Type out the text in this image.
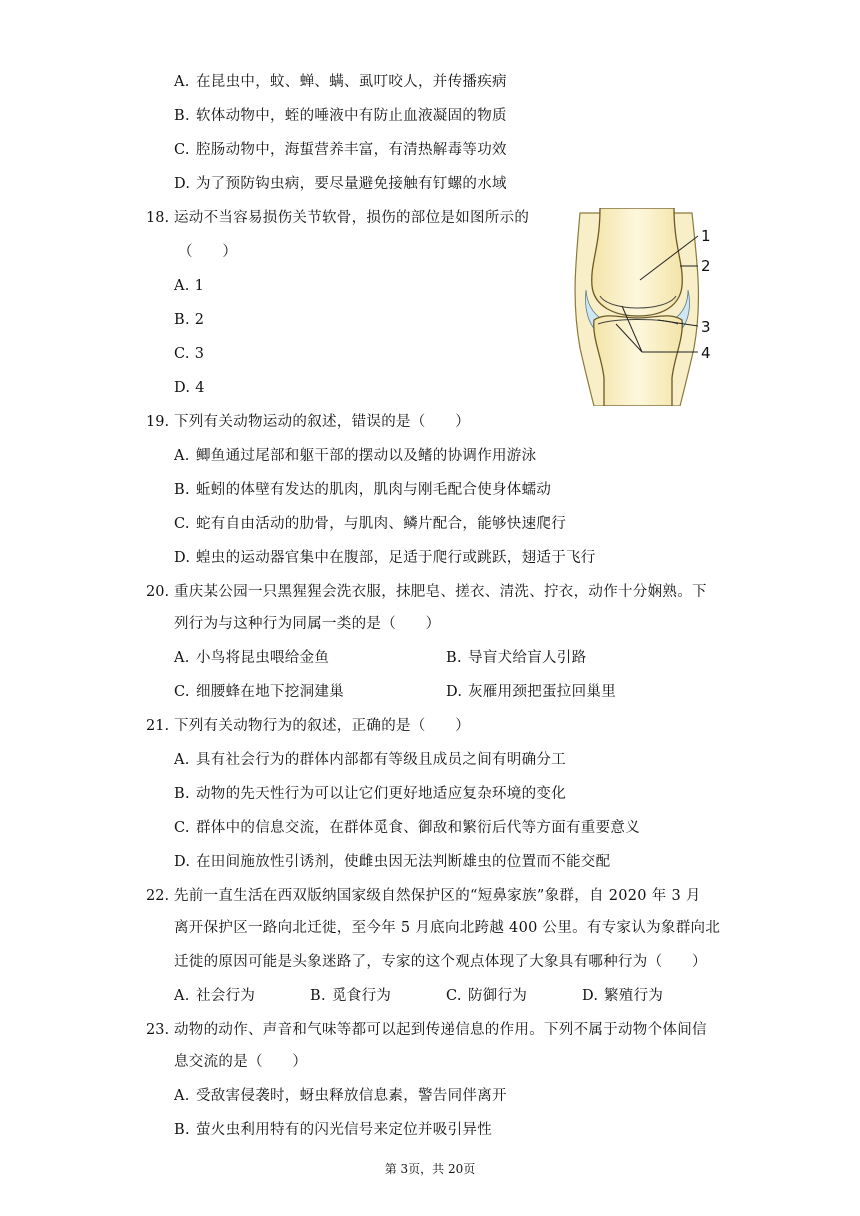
A. 在昆虫中，蚊、蝉、螨、虱叮咬人，并传播疾病
B. 软体动物中，蛭的唾液中有防止血液凝固的物质
C. 腔肠动物中，海蜇营养丰富，有清热解毒等功效
D. 为了预防钩虫病，要尽量避免接触有钉螺的水域
18. 运动不当容易损伤关节软骨，损伤的部位是如图所示的
（　　）
A. 1
B. 2
C. 3
D. 4
1
2
3
4
19. 下列有关动物运动的叙述，错误的是（　　）
A. 鲫鱼通过尾部和躯干部的摆动以及鳍的协调作用游泳
B. 蚯蚓的体壁有发达的肌肉，肌肉与刚毛配合使身体蠕动
C. 蛇有自由活动的肋骨，与肌肉、鳞片配合，能够快速爬行
D. 蝗虫的运动器官集中在腹部，足适于爬行或跳跃，翅适于飞行
20. 重庆某公园一只黑猩猩会洗衣服，抹肥皂、搓衣、清洗、拧衣，动作十分娴熟。下
列行为与这种行为同属一类的是（　　）
A. 小鸟将昆虫喂给金鱼	B. 导盲犬给盲人引路
C. 细腰蜂在地下挖洞建巢	D. 灰雁用颈把蛋拉回巢里
21. 下列有关动物行为的叙述，正确的是（　　）
A. 具有社会行为的群体内部都有等级且成员之间有明确分工
B. 动物的先天性行为可以让它们更好地适应复杂环境的变化
C. 群体中的信息交流，在群体觅食、御敌和繁衍后代等方面有重要意义
D. 在田间施放性引诱剂，使雌虫因无法判断雄虫的位置而不能交配
22. 先前一直生活在西双版纳国家级自然保护区的“短鼻家族”象群，自 2020 年 3 月
离开保护区一路向北迁徙，至今年 5 月底向北跨越 400 公里。有专家认为象群向北
迁徙的原因可能是头象迷路了，专家的这个观点体现了大象具有哪种行为（　　）
A. 社会行为	B. 觅食行为	C. 防御行为	D. 繁殖行为
23. 动物的动作、声音和气味等都可以起到传递信息的作用。下列不属于动物个体间信
息交流的是（　　）
A. 受敌害侵袭时，蚜虫释放信息素，警告同伴离开
B. 萤火虫利用特有的闪光信号来定位并吸引异性
第 3页，共 20页
